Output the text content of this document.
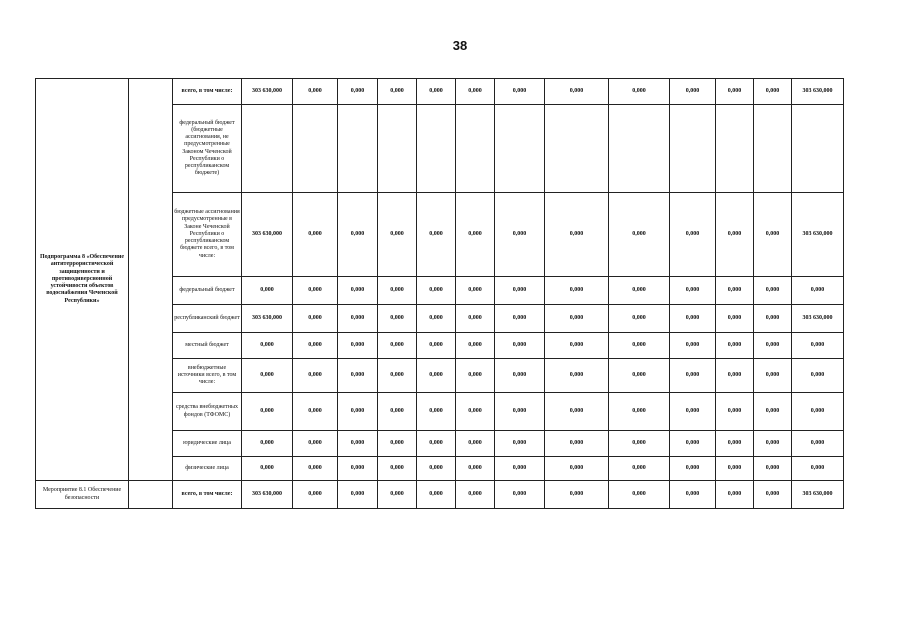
38
Подпрограмма 8 «Обеспечение антитеррористической защищенности и противодиверсионной устойчивости объектов водоснабжения Чеченской Республики»		всего, в том числе:	303 630,000	0,000	0,000	0,000	0,000	0,000	0,000	0,000	0,000	0,000	0,000	0,000	303 630,000
		федеральный бюджет (бюджетные ассигнования, не предусмотренные Законом Чеченской Республики о республиканском бюджете)													
		бюджетные ассигнования предусмотренные в Законе Чеченской Республики о республиканском бюджете всего, в том числе:	303 630,000	0,000	0,000	0,000	0,000	0,000	0,000	0,000	0,000	0,000	0,000	0,000	303 630,000
		федеральный бюджет	0,000	0,000	0,000	0,000	0,000	0,000	0,000	0,000	0,000	0,000	0,000	0,000	0,000
		республиканский бюджет	303 630,000	0,000	0,000	0,000	0,000	0,000	0,000	0,000	0,000	0,000	0,000	0,000	303 630,000
		местный бюджет	0,000	0,000	0,000	0,000	0,000	0,000	0,000	0,000	0,000	0,000	0,000	0,000	0,000
		внебюджетные источники всего, в том числе:	0,000	0,000	0,000	0,000	0,000	0,000	0,000	0,000	0,000	0,000	0,000	0,000	0,000
		средства внебюджетных фондов (ТФОМС)	0,000	0,000	0,000	0,000	0,000	0,000	0,000	0,000	0,000	0,000	0,000	0,000	0,000
		юридические лица	0,000	0,000	0,000	0,000	0,000	0,000	0,000	0,000	0,000	0,000	0,000	0,000	0,000
		физические лица	0,000	0,000	0,000	0,000	0,000	0,000	0,000	0,000	0,000	0,000	0,000	0,000	0,000
Мероприятие 8.1 Обеспечение безопасности		всего, в том числе:	303 630,000	0,000	0,000	0,000	0,000	0,000	0,000	0,000	0,000	0,000	0,000	0,000	303 630,000
